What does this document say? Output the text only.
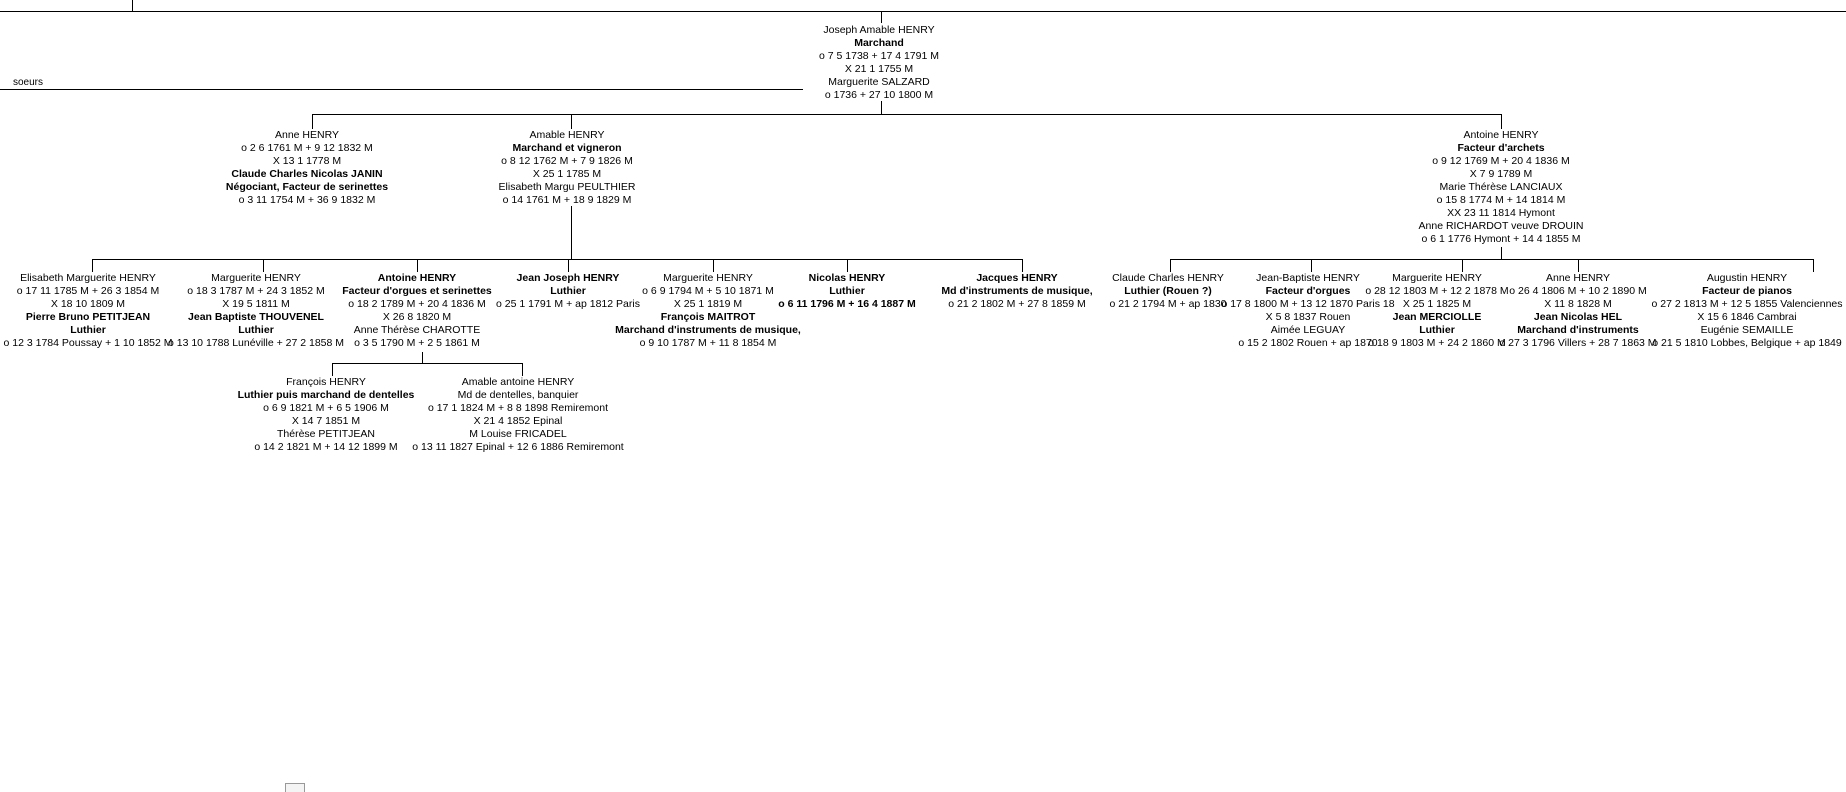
soeurs
Joseph Amable HENRY
Marchand
o 7 5 1738 + 17 4 1791 M
X 21 1 1755 M
Marguerite SALZARD
o 1736 + 27 10 1800 M
Anne HENRY
o 2 6 1761 M + 9 12 1832 M
X 13 1 1778 M
Claude Charles Nicolas JANIN
Négociant, Facteur de serinettes
o 3 11 1754 M + 36 9 1832 M
Amable HENRY
Marchand et vigneron
o 8 12 1762 M + 7 9 1826 M
X 25 1 1785 M
Elisabeth Margu PEULTHIER
o 14 1761 M + 18 9 1829 M
Antoine HENRY
Facteur d'archets
o 9 12 1769 M + 20 4 1836 M
X 7 9 1789 M
Marie Thérèse LANCIAUX
o 15 8 1774 M + 14 1814 M
XX 23 11 1814 Hymont
Anne RICHARDOT veuve DROUIN
o 6 1 1776 Hymont + 14 4 1855 M
Elisabeth Marguerite HENRY
o 17 11 1785 M + 26 3 1854 M
X 18 10 1809 M
Pierre Bruno PETITJEAN
Luthier
o 12 3 1784 Poussay + 1 10 1852 M
Marguerite HENRY
o 18 3 1787 M + 24 3 1852 M
X 19 5 1811 M
Jean Baptiste THOUVENEL
Luthier
o 13 10 1788 Lunéville + 27 2 1858 M
Antoine HENRY
Facteur d'orgues et serinettes
o 18 2 1789 M + 20 4 1836 M
X 26 8 1820 M
Anne Thérèse CHAROTTE
o 3 5 1790 M + 2 5 1861 M
Jean Joseph HENRY
Luthier
o 25 1 1791 M + ap 1812 Paris
Marguerite HENRY
o 6 9 1794 M + 5 10 1871 M
X 25 1 1819 M
François MAITROT
Marchand d'instruments de musique,
o 9 10 1787 M + 11 8 1854 M
Nicolas HENRY
Luthier
o 6 11 1796 M + 16 4 1887 M
Jacques HENRY
Md d'instruments de musique,
o 21 2 1802 M + 27 8 1859 M
Claude Charles HENRY
Luthier (Rouen ?)
o 21 2 1794 M + ap 1830
Jean-Baptiste HENRY
Facteur d'orgues
o 17 8 1800 M + 13 12 1870 Paris 18
X 5 8 1837 Rouen
Aimée LEGUAY
o 15 2 1802 Rouen + ap 1870
Marguerite HENRY
o 28 12 1803 M + 12 2 1878 M
X 25 1 1825 M
Jean MERCIOLLE
Luthier
o 18 9 1803 M + 24 2 1860 M
Anne HENRY
o 26 4 1806 M + 10 2 1890 M
X 11 8 1828 M
Jean Nicolas HEL
Marchand d'instruments
o 27 3 1796 Villers + 28 7 1863 M
Augustin HENRY
Facteur de pianos
o 27 2 1813 M + 12 5 1855 Valenciennes
X 15 6 1846 Cambrai
Eugénie SEMAILLE
o 21 5 1810 Lobbes, Belgique + ap 1849
François HENRY
Luthier puis marchand de dentelles
o 6 9 1821 M + 6 5 1906 M
X 14 7 1851 M
Thérèse PETITJEAN
o 14 2 1821 M + 14 12 1899 M
Amable antoine HENRY
Md de dentelles, banquier
o 17 1 1824 M + 8 8 1898 Remiremont
X 21 4 1852 Epinal
M Louise FRICADEL
o 13 11 1827 Epinal + 12 6 1886 Remiremont
